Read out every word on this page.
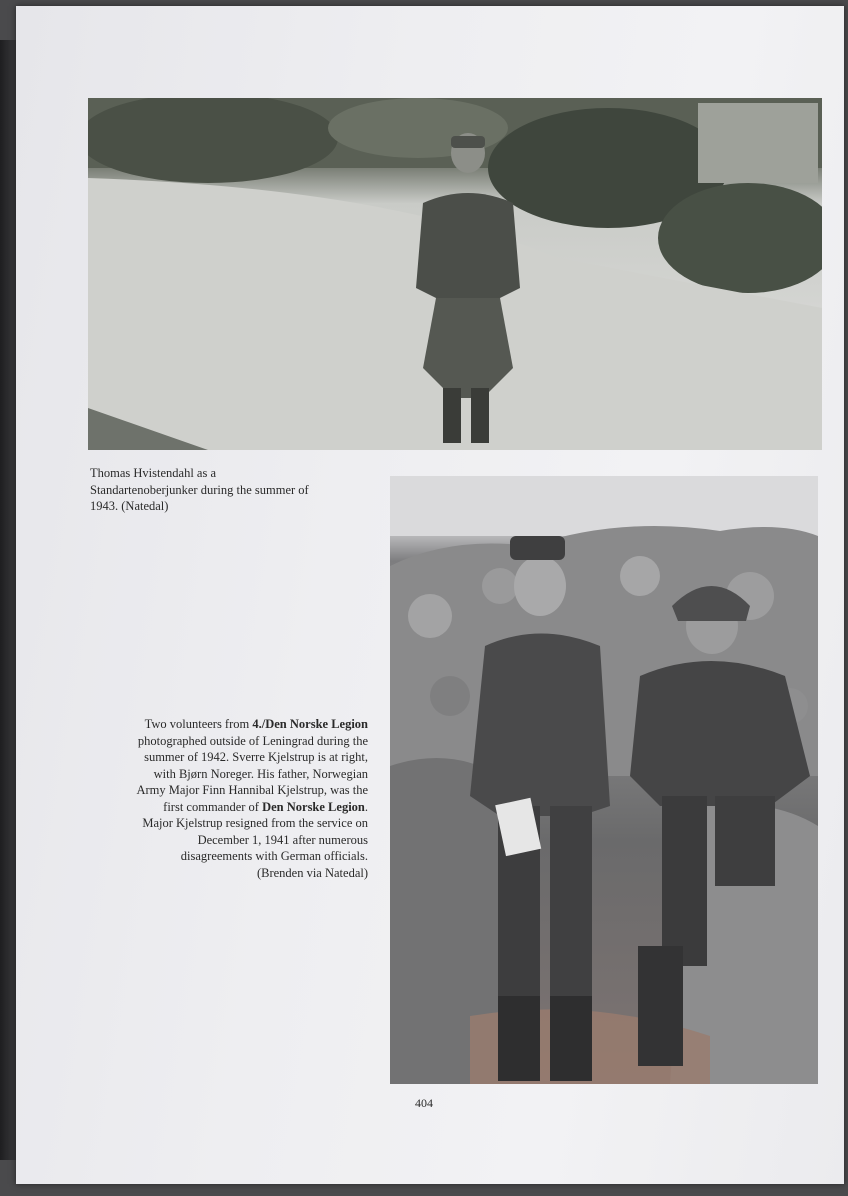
Thomas Hvistendahl as a
Standartenoberjunker during the summer of
1943. (Natedal)
Two volunteers from 4./Den Norske Legion
photographed outside of Leningrad during the
summer of 1942. Sverre Kjelstrup is at right,
with Bjørn Noreger. His father, Norwegian
Army Major Finn Hannibal Kjelstrup, was the
first commander of Den Norske Legion.
Major Kjelstrup resigned from the service on
December 1, 1941 after numerous
disagreements with German officials.
(Brenden via Natedal)
404
